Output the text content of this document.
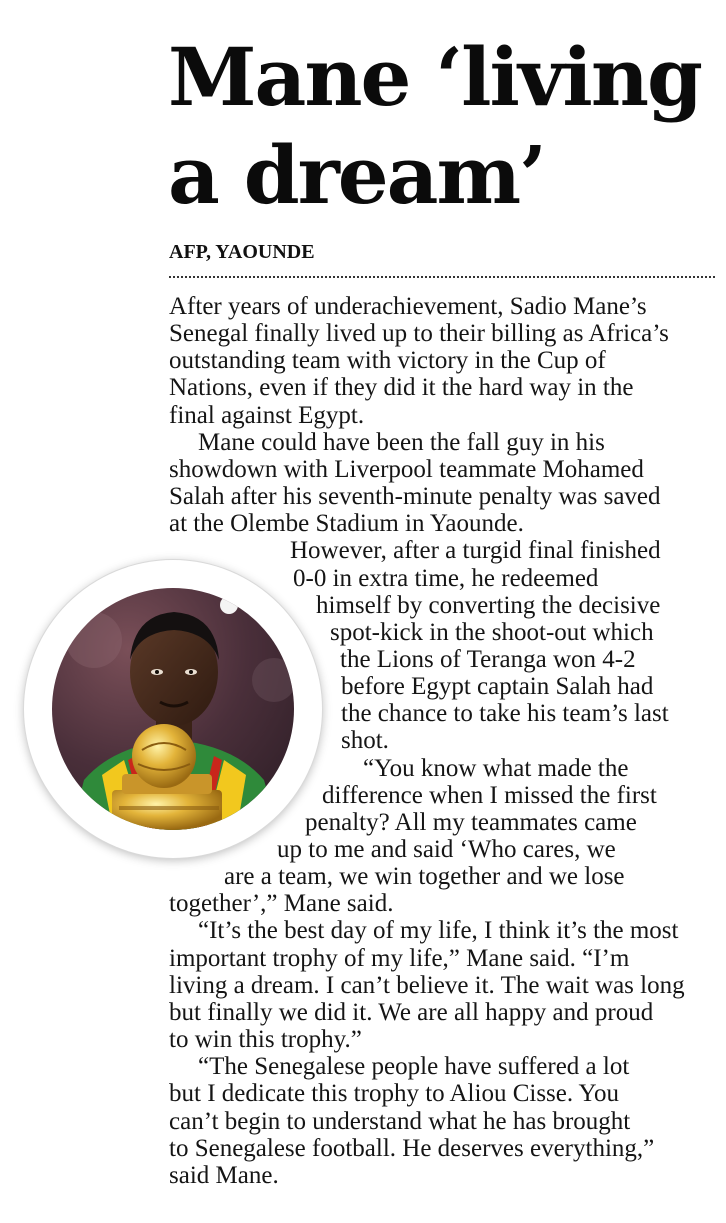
Mane ‘living
a dream’

AFP, YAOUNDE

After years of underachievement, Sadio Mane’s

Senegal finally lived up to their billing as Africa’s

outstanding team with victory in the Cup of

Nations, even if they did it the hard way in the

final against Egypt.

Mane could have been the fall guy in his

showdown with Liverpool teammate Mohamed

Salah after his seventh-minute penalty was saved

at the Olembe Stadium in Yaounde.

However, after a turgid final finished

0-0 in extra time, he redeemed

himself by converting the decisive

spot-kick in the shoot-out which

the Lions of Teranga won 4-2

before Egypt captain Salah had

the chance to take his team’s last

shot.

“You know what made the

difference when I missed the first

penalty? All my teammates came

up to me and said ‘Who cares, we

are a team, we win together and we lose

together’,” Mane said.

“It’s the best day of my life, I think it’s the most

important trophy of my life,” Mane said. “I’m

living a dream. I can’t believe it. The wait was long

but finally we did it. We are all happy and proud

to win this trophy.”

“The Senegalese people have suffered a lot

but I dedicate this trophy to Aliou Cisse. You

can’t begin to understand what he has brought

to Senegalese football. He deserves everything,”

said Mane.
